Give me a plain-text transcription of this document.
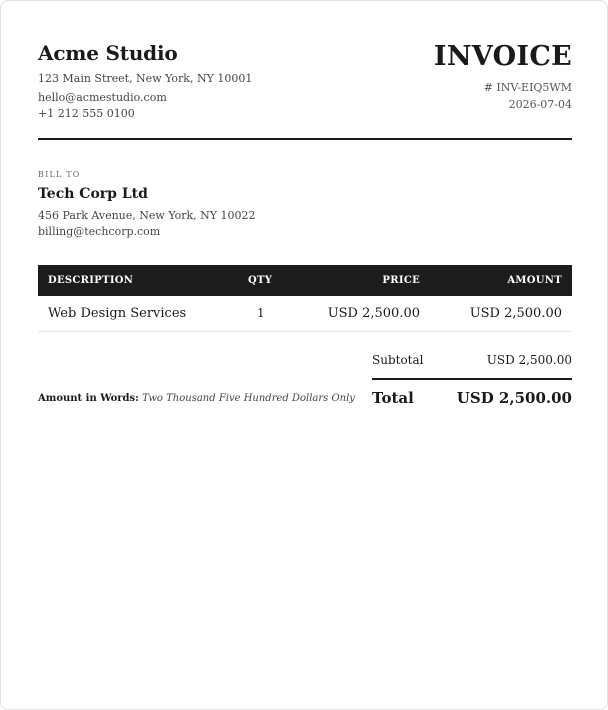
Acme Studio
123 Main Street, New York, NY 10001
hello@acmestudio.com
+1 212 555 0100
INVOICE
# INV-EIQ5WM
2026-07-04
BILL TO
Tech Corp Ltd
456 Park Avenue, New York, NY 10022
billing@techcorp.com
DESCRIPTION	QTY	PRICE	AMOUNT
Web Design Services	1	USD 2,500.00	USD 2,500.00
Amount in Words: Two Thousand Five Hundred Dollars Only
Subtotal	USD 2,500.00
Total	USD 2,500.00
